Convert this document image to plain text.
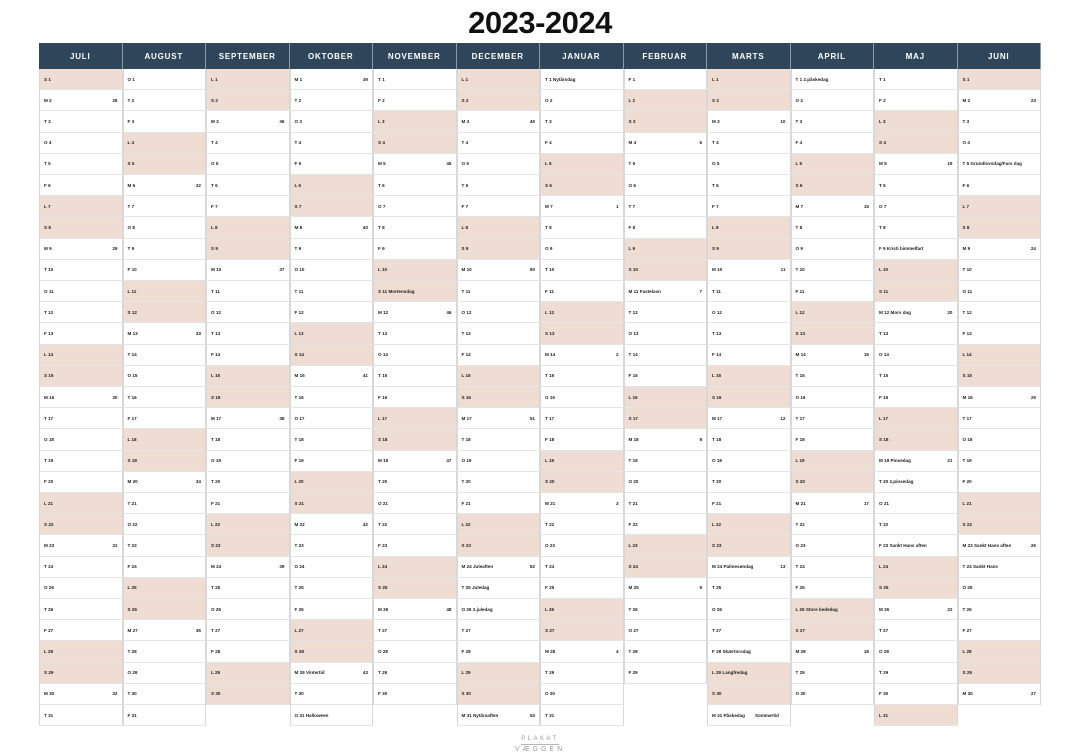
2023-2024
JULI
S 1
M 2	28
T 3
O 4
T 5
F 6
L 7
S 8
M 9	29
T 10
O 11
T 12
F 13
L 14
S 15
M 16	30
T 17
O 18
T 19
F 20
L 21
S 22
M 23	31
T 24
O 25
T 26
F 27
L 28
S 29
M 30	32
T 31
AUGUST
O 1
T 2
F 3
L 4
S 5
M 6	32
T 7
O 8
T 9
F 10
L 11
S 12
M 13	33
T 14
O 15
T 16
F 17
L 18
S 19
M 20	34
T 21
O 22
T 23
F 24
L 25
S 26
M 27	35
T 28
O 29
T 30
F 31
SEPTEMBER
L 1
S 2
M 3	36
T 4
O 5
T 6
F 7
L 8
S 9
M 10	37
T 11
O 12
T 13
F 14
L 15
S 16
M 17	38
T 18
O 19
T 20
F 21
L 22
S 23
M 24	39
T 25
O 26
T 27
F 28
L 29
S 30
OKTOBER
M 1	39
T 2
O 3
T 4
F 5
L 6
S 7
M 8	40
T 9
O 10
T 11
F 12
L 13
S 14
M 15	41
T 16
O 17
T 18
F 19
L 20
S 21
M 22	42
T 23
O 24
T 25
F 26
L 27
S 28
M 29 Vintertid	43
T 30
O 31 Halloween
NOVEMBER
T 1
F 2
L 3
S 4
M 5	45
T 6
O 7
T 8
F 9
L 10
S 11 Mortensdag
M 12	46
T 13
O 14
T 15
F 16
L 17
S 18
M 19	47
T 20
O 21
T 22
F 23
L 24
S 25
M 26	48
T 27
O 28
T 29
F 30
DECEMBER
L 1
S 2
M 3	49
T 4
O 5
T 6
F 7
L 8
S 9
M 10	50
T 11
O 12
T 13
F 14
L 15
S 16
M 17	51
T 18
O 19
T 20
F 21
L 22
S 23
M 24 Juleaften	52
T 25 Juledag
O 26 2.juledag
T 27
F 28
L 29
S 30
M 31 Nytårsaften	53
JANUAR
T 1 Nytårsdag
O 2
T 3
F 4
L 5
S 6
M 7	1
T 8
O 9
T 10
F 11
L 12
S 13
M 14	2
T 15
O 16
T 17
F 18
L 19
S 20
M 21	3
T 22
O 23
T 24
F 25
L 26
S 27
M 28	4
T 29
O 30
T 31
FEBRUAR
F 1
L 2
S 3
M 4	6
T 5
O 6
T 7
F 8
L 9
S 10
M 11 Fastelavn	7
T 12
O 13
T 14
F 15
L 16
S 17
M 18	8
T 19
O 20
T 21
F 22
L 23
S 24
M 25	9
T 26
O 27
T 28
F 29
MARTS
L 1
S 2
M 3	10
T 4
O 5
T 6
F 7
L 8
S 9
M 10	11
T 11
O 12
T 13
F 14
L 15
S 16
M 17	12
T 18
O 19
T 20
F 21
L 22
S 23
M 24 Palmesøndag	13
T 25
O 26
T 27
F 28 Skærtorsdag
L 29 Langfredag
S 30
M 31 Påskedag Sommertid
APRIL
T 1 2.påskedag
O 2
T 3
F 4
L 5
S 6
M 7	15
T 8
O 9
T 10
F 11
L 12
S 13
M 14	16
T 15
O 16
T 17
F 18
L 19
S 20
M 21	17
T 22
O 23
T 24
F 25
L 26 Store bededag
S 27
M 28	18
T 29
O 30
MAJ
T 1
F 2
L 3
S 4
M 5	19
T 6
O 7
T 8
F 9 Kristi himmelfart
L 10
S 11
M 12 Mors dag	20
T 13
O 14
T 15
F 16
L 17
S 18
M 19 Pinsedag	21
T 20 2.pinsedag
O 21
T 22
F 23 Sankt Hans aften
L 24
S 25
M 26	22
T 27
O 28
T 29
F 30
L 31
JUNI
S 1
M 2	23
T 3
O 4
T 5 Grundlovsdag/Fars dag
F 6
L 7
S 8
M 9	24
T 10
O 11
T 12
F 13
L 14
S 15
M 16	25
T 17
O 18
T 19
F 20
L 21
S 22
M 23 Sankt Hans aften	26
T 24 Sankt Hans
O 25
T 26
F 27
L 28
S 29
M 30	27
PLAKAT
VÆGGEN
